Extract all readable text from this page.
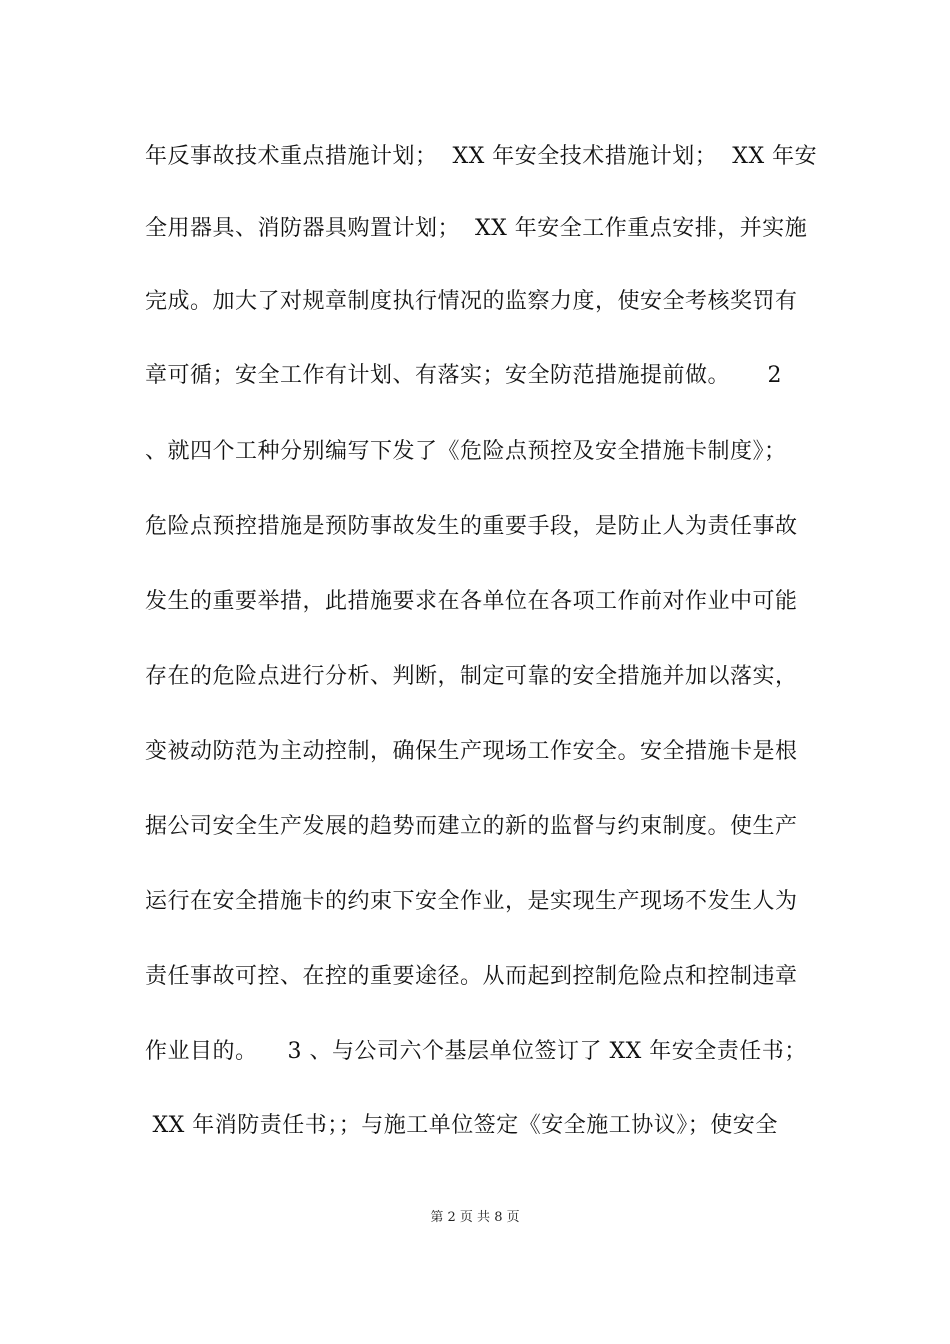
年反事故技术重点措施计划；  XX 年安全技术措施计划；  XX 年安
全用器具、消防器具购置计划；  XX 年安全工作重点安排，并实施
完成。加大了对规章制度执行情况的监察力度，使安全考核奖罚有
章可循；安全工作有计划、有落实；安全防范措施提前做。     2
、就四个工种分别编写下发了《危险点预控及安全措施卡制度》；
危险点预控措施是预防事故发生的重要手段，是防止人为责任事故
发生的重要举措，此措施要求在各单位在各项工作前对作业中可能
存在的危险点进行分析、判断，制定可靠的安全措施并加以落实，
变被动防范为主动控制，确保生产现场工作安全。安全措施卡是根
据公司安全生产发展的趋势而建立的新的监督与约束制度。使生产
运行在安全措施卡的约束下安全作业，是实现生产现场不发生人为
责任事故可控、在控的重要途径。从而起到控制危险点和控制违章
作业目的。    3 、与公司六个基层单位签订了 XX 年安全责任书；
XX 年消防责任书；；与施工单位签定《安全施工协议》；使安全
第 2 页 共 8 页
